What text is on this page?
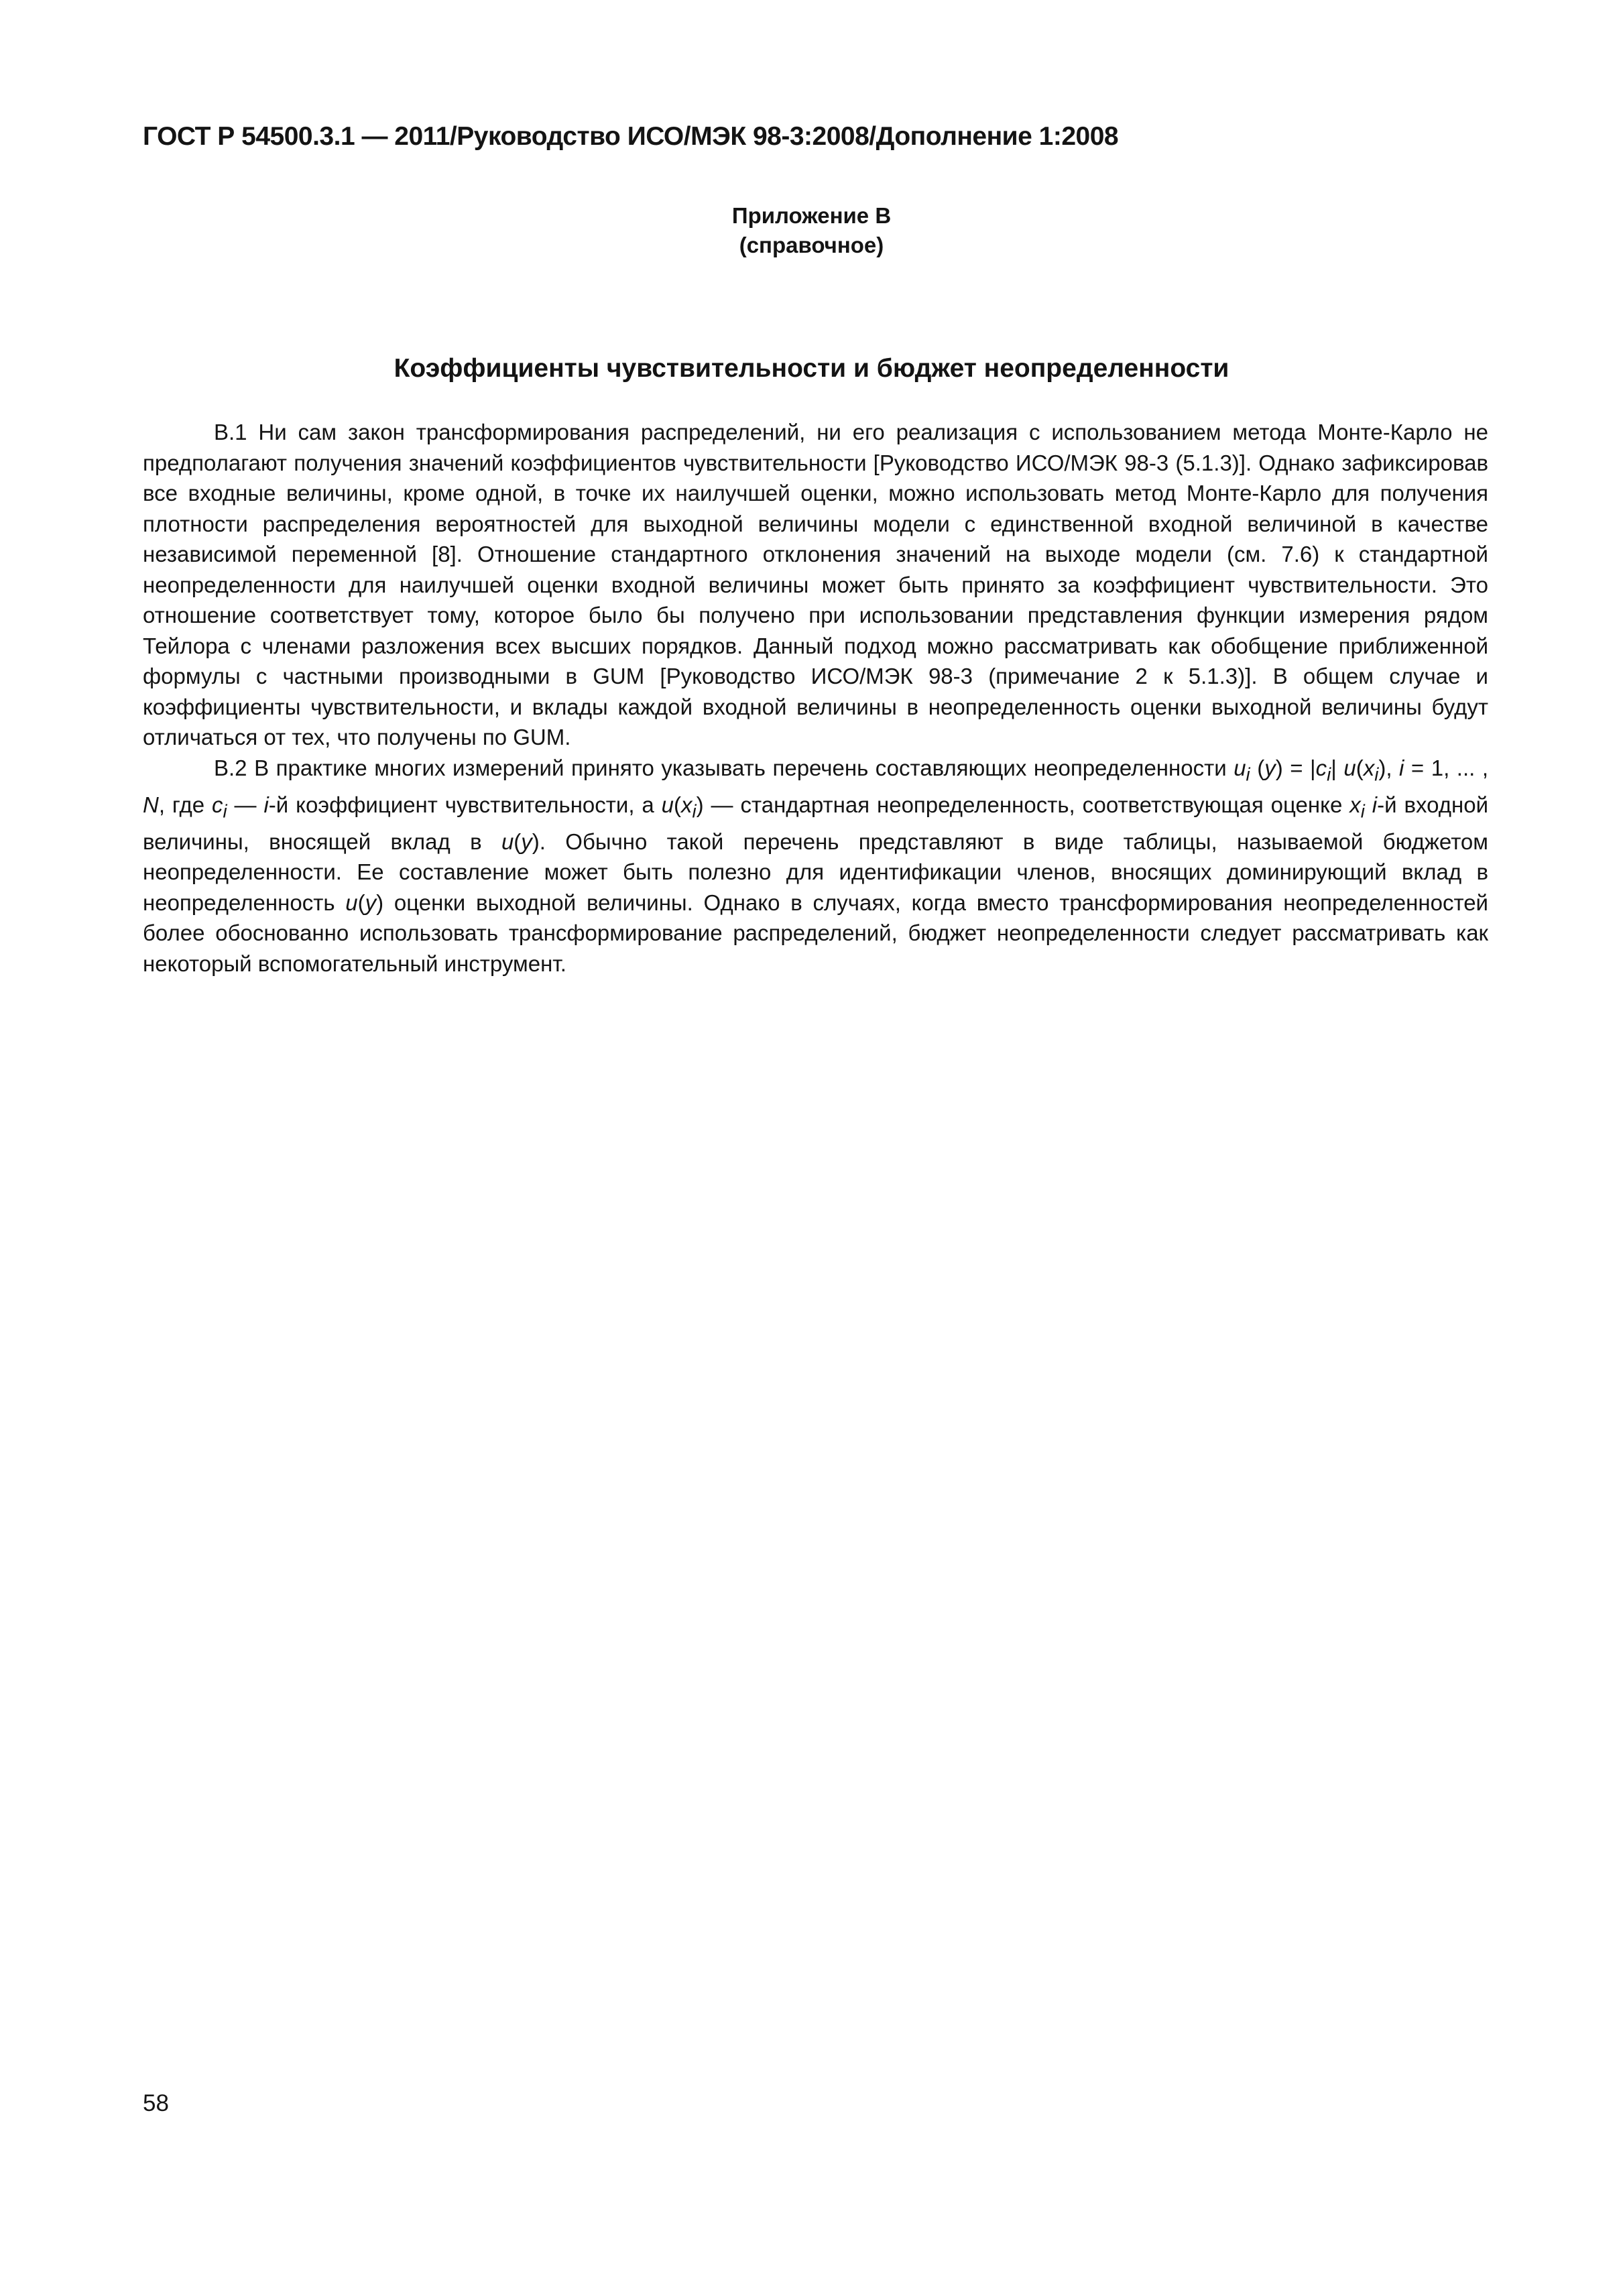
ГОСТ Р 54500.3.1 — 2011/Руководство ИСО/МЭК 98-3:2008/Дополнение 1:2008
Приложение В
(справочное)
Коэффициенты чувствительности и бюджет неопределенности

В.1 Ни сам закон трансформирования распределений, ни его реализация с использованием метода Монте-Карло не предполагают получения значений коэффициентов чувствительности [Руководство ИСО/МЭК 98-3 (5.1.3)]. Однако зафиксировав все входные величины, кроме одной, в точке их наилучшей оценки, можно использовать метод Монте-Карло для получения плотности распределения вероятностей для выходной величины модели с единственной входной величиной в качестве независимой переменной [8]. Отношение стандартного отклонения значений на выходе модели (см. 7.6) к стандартной неопределенности для наилучшей оценки входной величины может быть принято за коэффициент чувствительности. Это отношение соответствует тому, которое было бы получено при использовании представления функции измерения рядом Тейлора с членами разложения всех высших порядков. Данный подход можно рассматривать как обобщение приближенной формулы с частными производными в GUM [Руководство ИСО/МЭК 98-3 (примечание 2 к 5.1.3)]. В общем случае и коэффициенты чувствительности, и вклады каждой входной величины в неопределенность оценки выходной величины будут отличаться от тех, что получены по GUM.

В.2 В практике многих измерений принято указывать перечень составляющих неопределенности $u_i$ $(y) = |c_i|$ $u(x_i)$, i = 1, ... , N, где $c_i$ — i-й коэффициент чувствительности, а $u(x_i)$ — стандартная неопределенность, соответствующая оценке $x_i$ i-й входной величины, вносящей вклад в u(y). Обычно такой перечень представляют в виде таблицы, называемой бюджетом неопределенности. Ее составление может быть полезно для идентификации членов, вносящих доминирующий вклад в неопределенность u(y) оценки выходной величины. Однако в случаях, когда вместо трансформирования неопределенностей более обоснованно использовать трансформирование распределений, бюджет неопределенности следует рассматривать как некоторый вспомогательный инструмент.

58
